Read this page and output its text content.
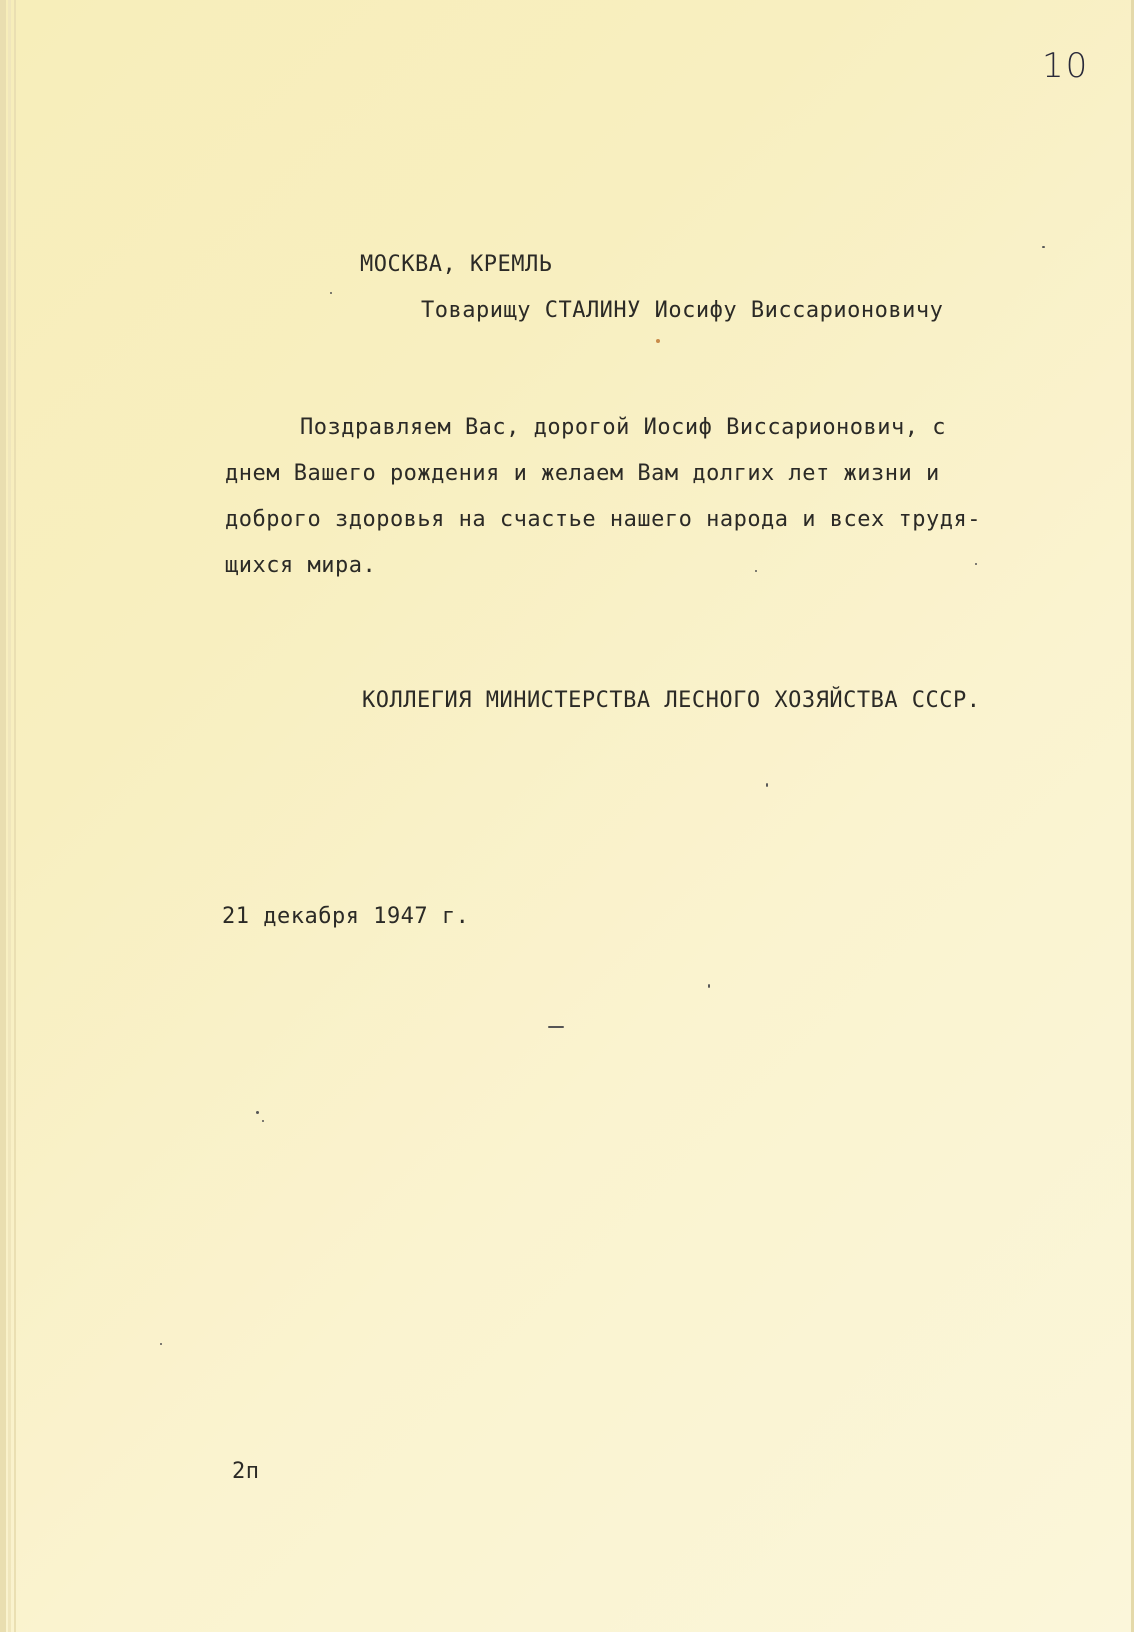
10
МОСКВА, КРЕМЛЬ
Товарищу СТАЛИНУ Иосифу Виссарионовичу
Поздравляем Вас, дорогой Иосиф Виссарионович, с
днем Вашего рождения и желаем Вам долгих лет жизни и
доброго здоровья на счастье нашего народа и всех трудя-
щихся мира.
КОЛЛЕГИЯ МИНИСТЕРСТВА ЛЕСНОГО ХОЗЯЙСТВА СССР.
21 декабря 1947 г.
2п
